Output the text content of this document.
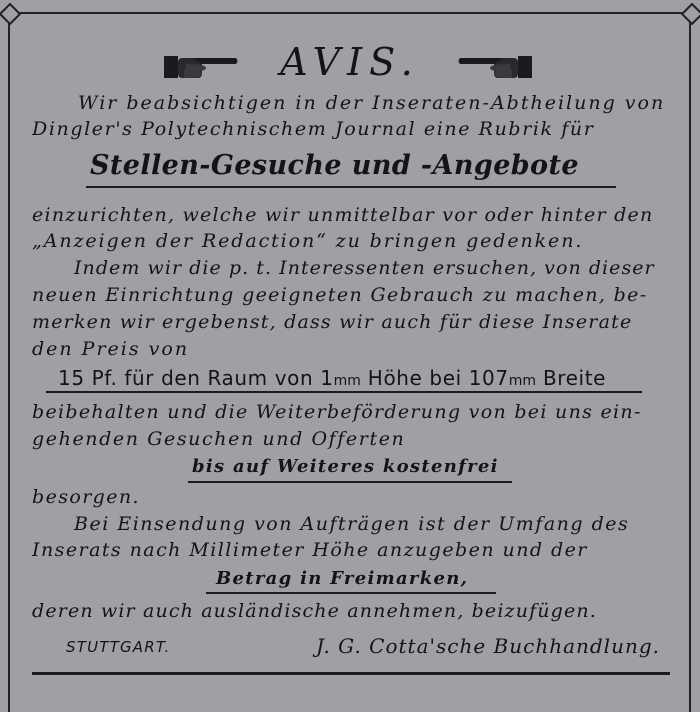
AVIS.
Wir beabsichtigen in der Inseraten-Abtheilung von
Dingler's Polytechnischem Journal eine Rubrik für
Stellen-Gesuche und -Angebote
einzurichten, welche wir unmittelbar vor oder hinter den
„Anzeigen der Redaction“ zu bringen gedenken.
Indem wir die p. t. Interessenten ersuchen, von dieser
neuen Einrichtung geeigneten Gebrauch zu machen, be-
merken wir ergebenst, dass wir auch für diese Inserate
den Preis von
15 Pf. für den Raum von 1mm Höhe bei 107mm Breite
beibehalten und die Weiterbeförderung von bei uns ein-
gehenden Gesuchen und Offerten
bis auf Weiteres kostenfrei
besorgen.
Bei Einsendung von Aufträgen ist der Umfang des
Inserats nach Millimeter Höhe anzugeben und der
Betrag in Freimarken,
deren wir auch ausländische annehmen, beizufügen.
STUTTGART.	J. G. Cotta'sche Buchhandlung.
